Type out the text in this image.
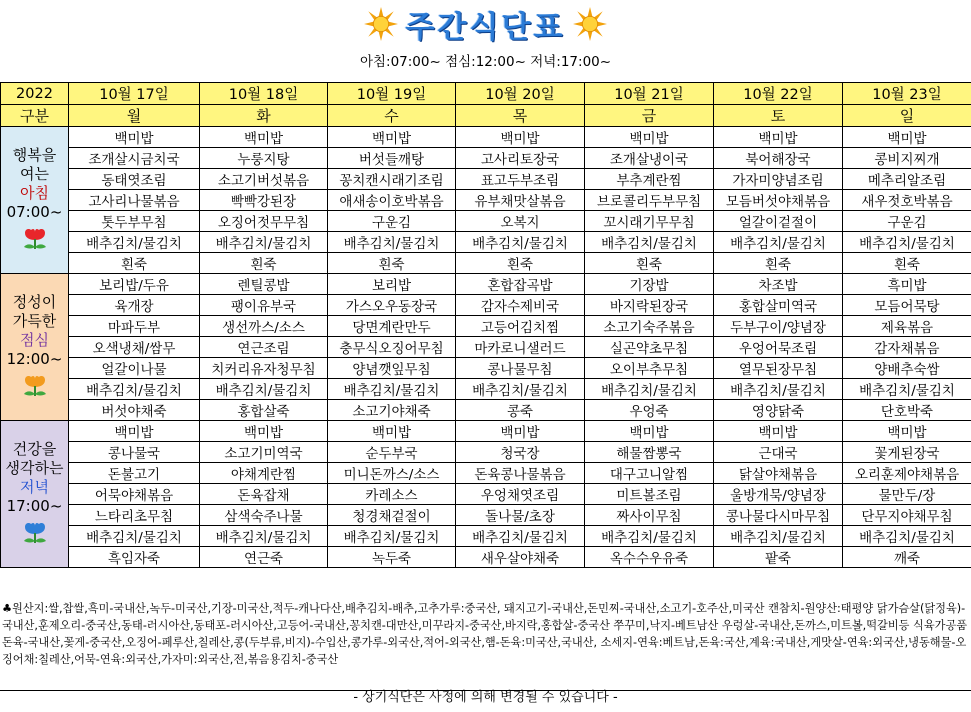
주간식단표
아침:07:00~ 점심:12:00~ 저녁:17:00~
2022	10월 17일	10월 18일	10월 19일	10월 20일	10월 21일	10월 22일	10월 23일
구분	월	화	수	목	금	토	일

행복을
여는
아침
07:00~	백미밥	백미밥	백미밥	백미밥	백미밥	백미밥	백미밥
	조개살시금치국	누룽지탕	버섯들깨탕	고사리토장국	조개살냉이국	북어해장국	콩비지찌개
	동태엿조림	소고기버섯볶음	꽁치캔시래기조림	표고두부조림	부추계란찜	가자미양념조림	메추리알조림
	고사리나물볶음	빡빡강된장	애새송이호박볶음	유부채맛살볶음	브로콜리두부무침	모듬버섯야채볶음	새우젓호박볶음
	톳두부무침	오징어젓무무침	구운김	오복지	꼬시래기무무침	얼갈이겉절이	구운김
	배추김치/물김치	배추김치/물김치	배추김치/물김치	배추김치/물김치	배추김치/물김치	배추김치/물김치	배추김치/물김치
	흰죽	흰죽	흰죽	흰죽	흰죽	흰죽	흰죽

정성이
가득한
점심
12:00~	보리밥/두유	렌틸콩밥	보리밥	혼합잡곡밥	기장밥	차조밥	흑미밥
	육개장	팽이유부국	가스오우동장국	감자수제비국	바지락된장국	홍합살미역국	모듬어묵탕
	마파두부	생선까스/소스	당면계란만두	고등어김치찜	소고기숙주볶음	두부구이/양념장	제육볶음
	오색냉채/쌈무	연근조림	충무식오징어무침	마카로니샐러드	실곤약초무침	우엉어묵조림	감자채볶음
	얼갈이나물	치커리유자청무침	양념깻잎무침	콩나물무침	오이부추무침	열무된장무침	양배추숙쌈
	배추김치/물김치	배추김치/물김치	배추김치/물김치	배추김치/물김치	배추김치/물김치	배추김치/물김치	배추김치/물김치
	버섯야채죽	홍합살죽	소고기야채죽	콩죽	우엉죽	영양닭죽	단호박죽

건강을
생각하는
저녁
17:00~	백미밥	백미밥	백미밥	백미밥	백미밥	백미밥	백미밥
	콩나물국	소고기미역국	순두부국	청국장	해물짬뽕국	근대국	꽃게된장국
	돈불고기	야채계란찜	미니돈까스/소스	돈육콩나물볶음	대구고니알찜	닭살야채볶음	오리훈제야채볶음
	어묵야채볶음	돈육잡채	카레소스	우엉채엿조림	미트볼조림	울방개묵/양념장	물만두/장
	느타리초무침	삼색숙주나물	청경채겉절이	돌나물/초장	짜사이무침	콩나물다시마무침	단무지야채무침
	배추김치/물김치	배추김치/물김치	배추김치/물김치	배추김치/물김치	배추김치/물김치	배추김치/물김치	배추김치/물김치
	흑임자죽	연근죽	녹두죽	새우살야채죽	옥수수우유죽	팥죽	깨죽
♣원산지:쌀,찹쌀,흑미-국내산,녹두-미국산,기장-미국산,적두-캐나다산,배추김치-배추,고추가루:중국산, 돼지고기-국내산,돈민찌-국내산,소고기-호주산,미국산 캔참치-원양산:태평양 닭가슴살(닭정육)-국내산,훈제오리-중국산,동태-러시아산,동태포-러시아산,고등어-국내산,꽁치캔-대만산,미꾸라지-중국산,바지락,홍합살-중국산 쭈꾸미,낙지-베트남산 우렁살-국내산,돈까스,미트볼,떡갈비등 식육가공품 돈육-국내산,꽃게-중국산,오징어-페루산,칠레산,콩(두부류,비지)-수입산,콩가루-외국산,적어-외국산,햄-돈육:미국산,국내산, 소세지-연육:베트남,돈육:국산,계육:국내산,게맛살-연육:외국산,냉동해물-오징어채:칠레산,어묵-연육:외국산,가자미:외국산,전,볶음용김치-중국산
- 상기식단은 사정에 의해 변경될 수 있습니다 -
